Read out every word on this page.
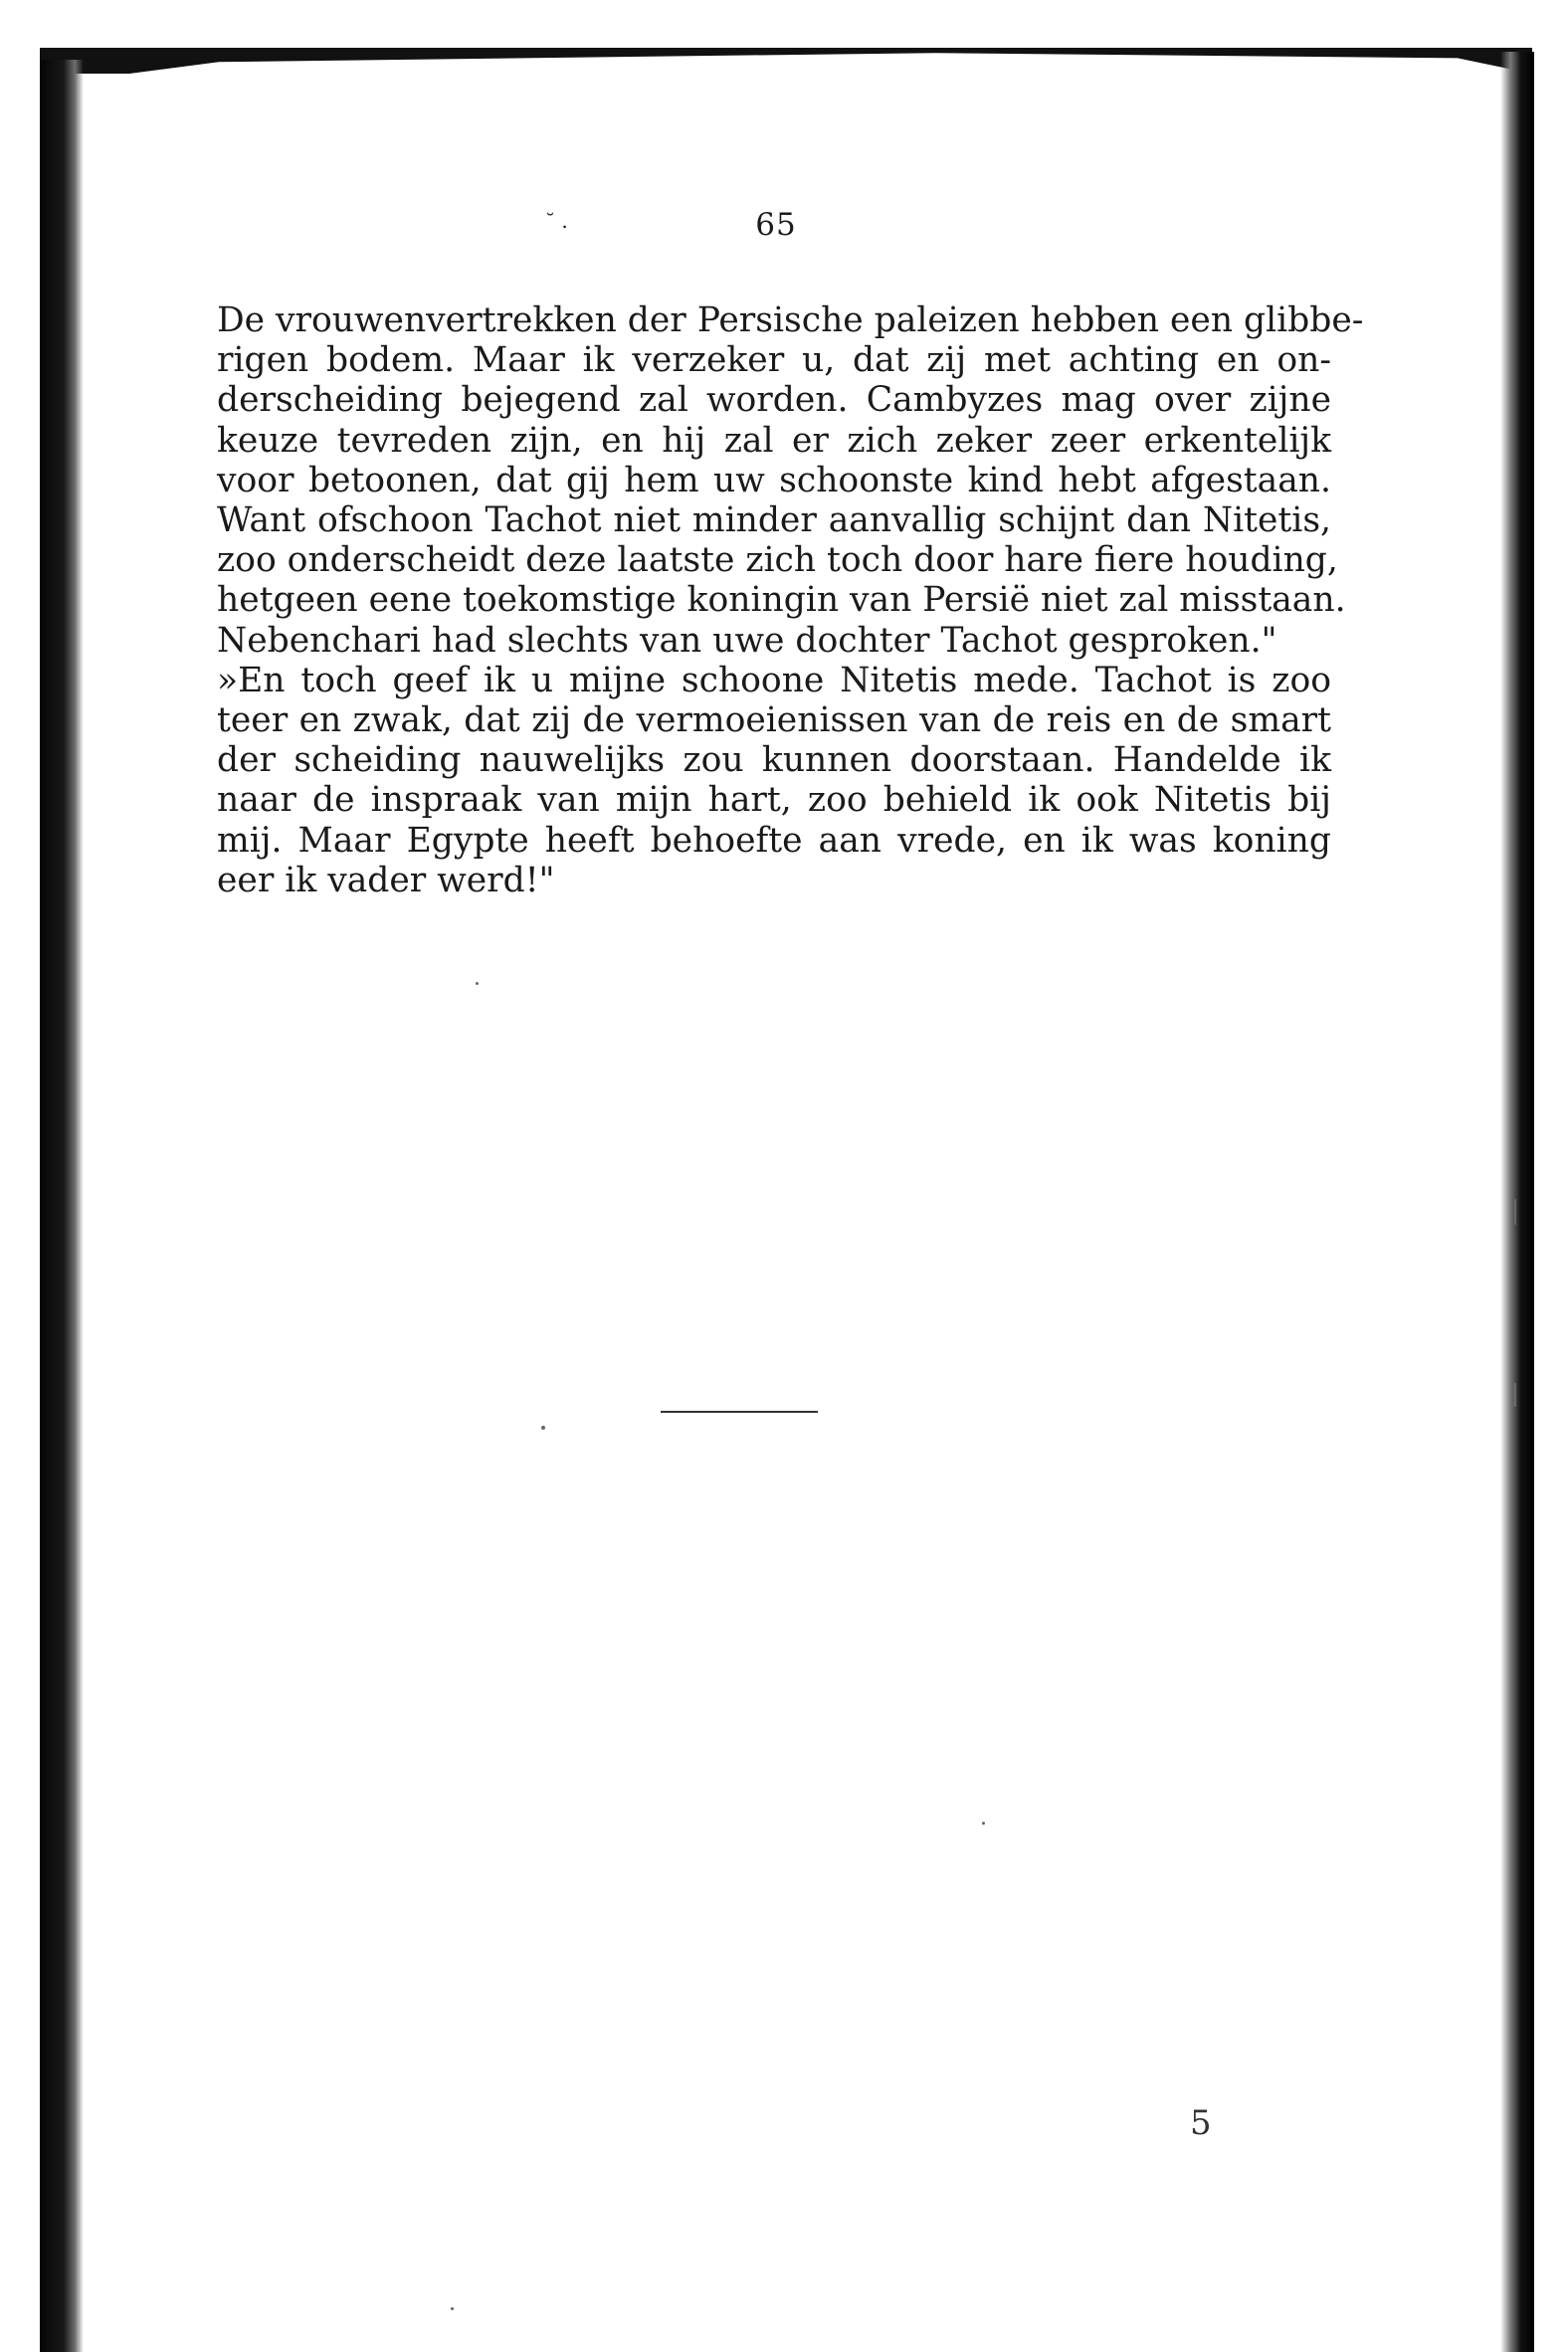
˘ .	65
De vrouwenvertrekken der Persische paleizen hebben een glibbe-
rigen bodem. Maar ik verzeker u, dat zij met achting en on-
derscheiding bejegend zal worden. Cambyzes mag over zijne
keuze tevreden zijn, en hij zal er zich zeker zeer erkentelijk
voor betoonen, dat gij hem uw schoonste kind hebt afgestaan.
Want ofschoon Tachot niet minder aanvallig schijnt dan Nitetis,
zoo onderscheidt deze laatste zich toch door hare fiere houding,
hetgeen eene toekomstige koningin van Persië niet zal misstaan.
Nebenchari had slechts van uwe dochter Tachot gesproken."
»En toch geef ik u mijne schoone Nitetis mede. Tachot is zoo
teer en zwak, dat zij de vermoeienissen van de reis en de smart
der scheiding nauwelijks zou kunnen doorstaan. Handelde ik
naar de inspraak van mijn hart, zoo behield ik ook Nitetis bij
mij. Maar Egypte heeft behoefte aan vrede, en ik was koning
eer ik vader werd!"
5
